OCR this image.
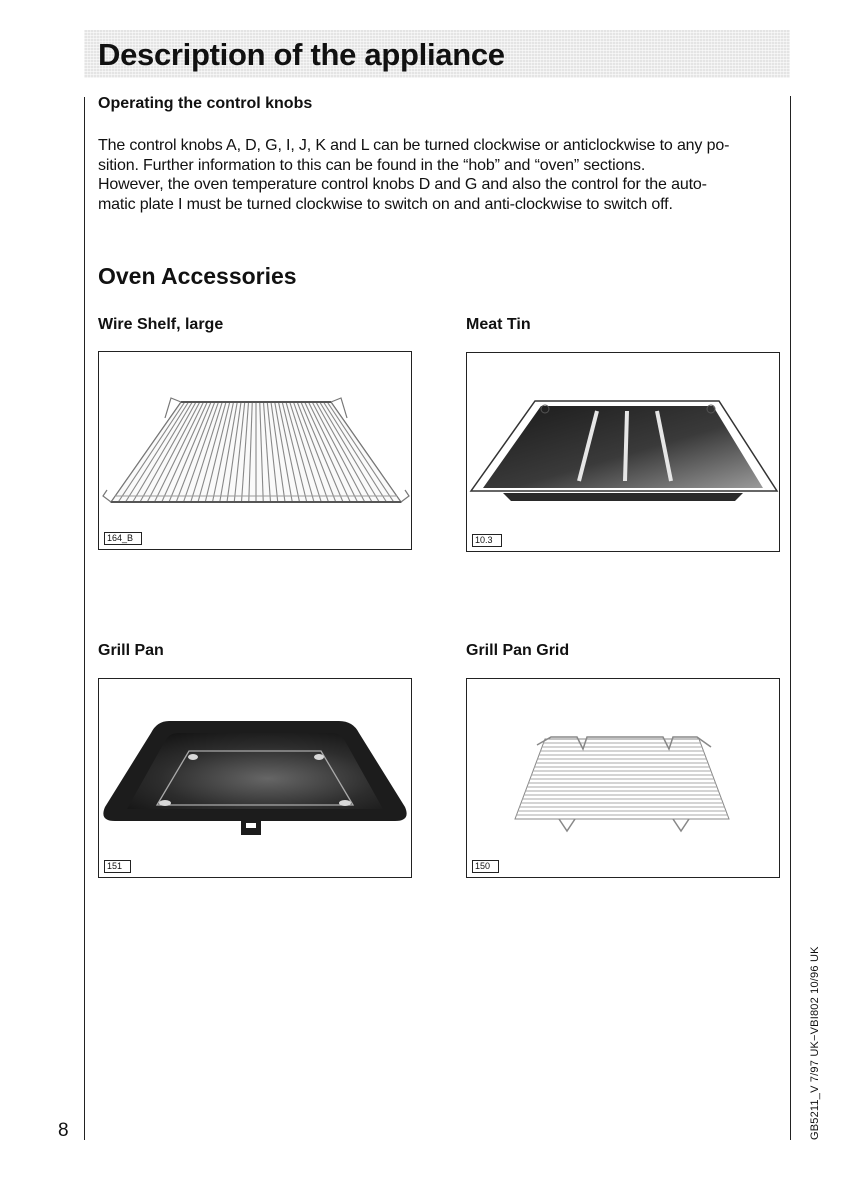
Description of the appliance
Operating the control knobs

The control knobs A, D, G, I, J, K and L can be turned clockwise or anticlockwise to any po-

sition. Further information to this can be found in the “hob” and “oven” sections.

However, the oven temperature control knobs D and G and also the control for the auto-

matic plate I must be turned clockwise to switch on and anti-clockwise to switch off.

Oven Accessories
Wire Shelf, large
164_B
Meat Tin
10.3
Grill Pan
151
Grill Pan Grid
150
8	GB5211_V 7/97 UK−VBI802 10/96 UK
